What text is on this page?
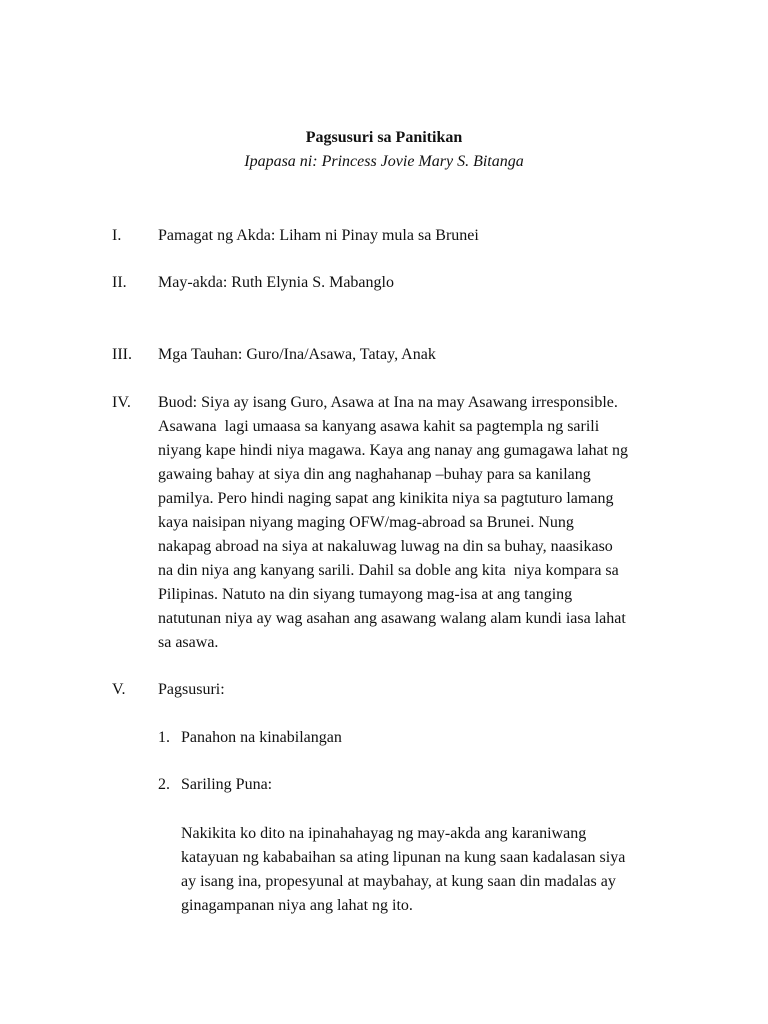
Pagsusuri sa Panitikan
Ipapasa ni: Princess Jovie Mary S. Bitanga
I. Pamagat ng Akda: Liham ni Pinay mula sa Brunei
II. May-akda: Ruth Elynia S. Mabanglo
III. Mga Tauhan: Guro/Ina/Asawa, Tatay, Anak
IV. Buod: Siya ay isang Guro, Asawa at Ina na may Asawang irresponsible.
Asawana  lagi umaasa sa kanyang asawa kahit sa pagtempla ng sarili
niyang kape hindi niya magawa. Kaya ang nanay ang gumagawa lahat ng
gawaing bahay at siya din ang naghahanap –buhay para sa kanilang
pamilya. Pero hindi naging sapat ang kinikita niya sa pagtuturo lamang
kaya naisipan niyang maging OFW/mag-abroad sa Brunei. Nung
nakapag abroad na siya at nakaluwag luwag na din sa buhay, naasikaso
na din niya ang kanyang sarili. Dahil sa doble ang kita  niya kompara sa
Pilipinas. Natuto na din siyang tumayong mag-isa at ang tanging
natutunan niya ay wag asahan ang asawang walang alam kundi iasa lahat
sa asawa.
V. Pagsusuri:
1. Panahon na kinabilangan
2. Sariling Puna:
Nakikita ko dito na ipinahahayag ng may-akda ang karaniwang
katayuan ng kababaihan sa ating lipunan na kung saan kadalasan siya
ay isang ina, propesyunal at maybahay, at kung saan din madalas ay
ginagampanan niya ang lahat ng ito.
